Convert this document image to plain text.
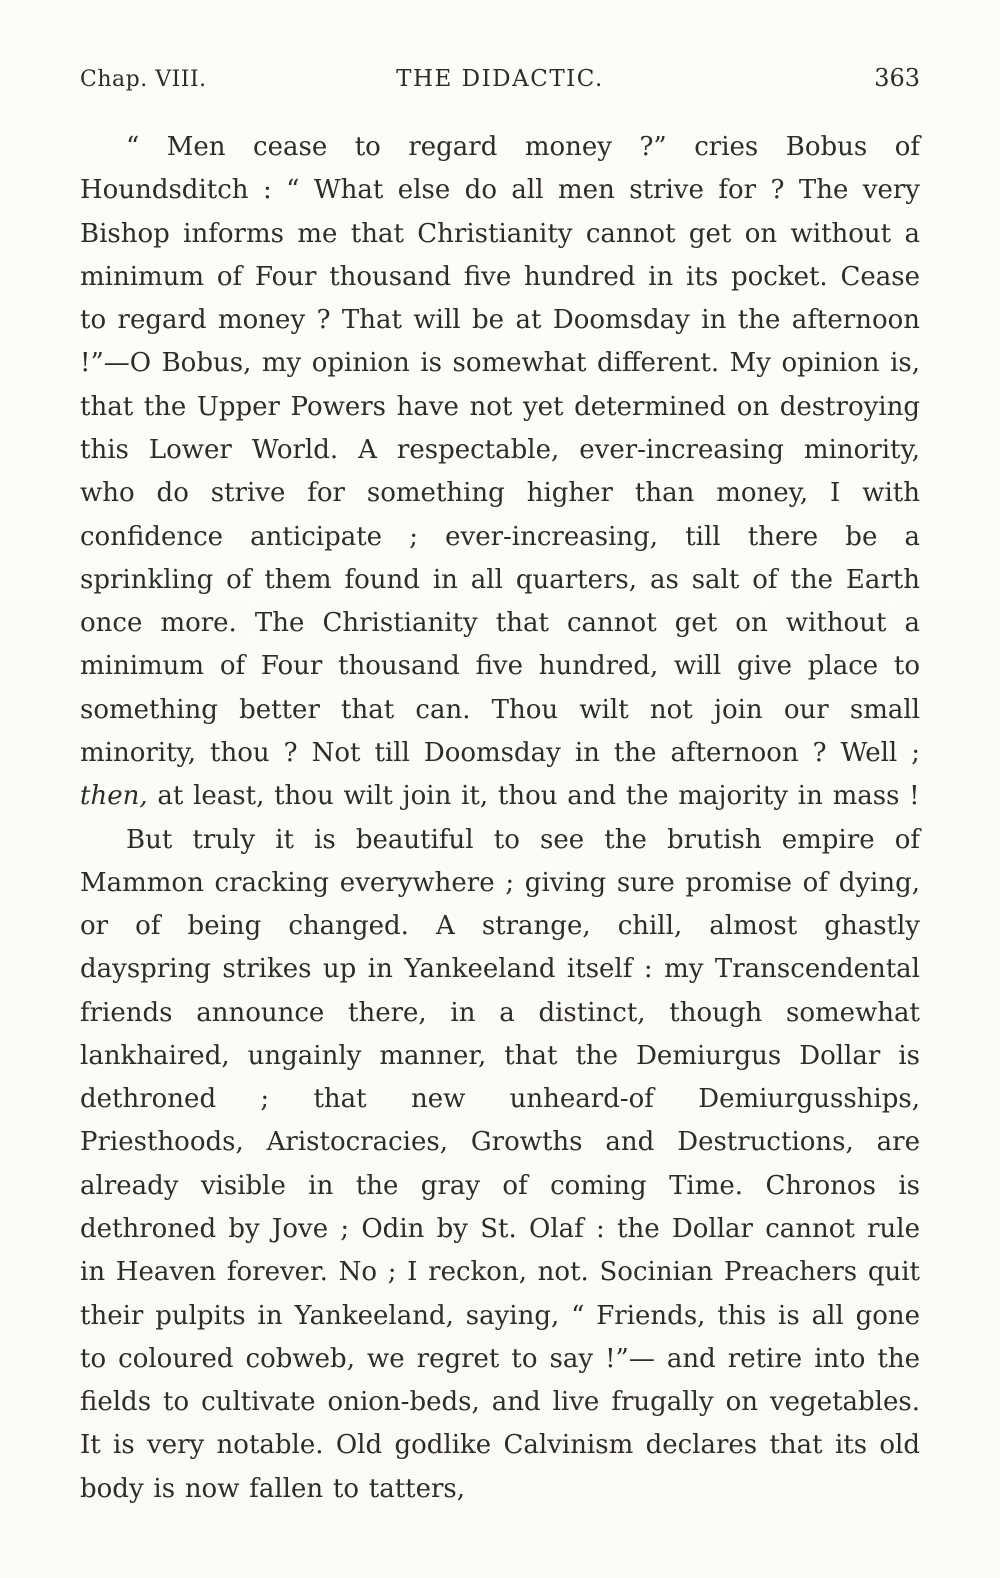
Chap. VIII.	THE DIDACTIC.	363

“ Men cease to regard money ?” cries Bobus of Houndsditch : “ What else do all men strive for ? The very Bishop informs me that Christianity cannot get on without a minimum of Four thousand five hundred in its pocket. Cease to regard money ? That will be at Doomsday in the afternoon !”—O Bobus, my opinion is somewhat different. My opinion is, that the Upper Powers have not yet determined on destroying this Lower World. A respectable, ever-increasing minority, who do strive for something higher than money, I with confidence anticipate ; ever-increasing, till there be a sprinkling of them found in all quarters, as salt of the Earth once more. The Christianity that cannot get on without a minimum of Four thousand five hundred, will give place to something better that can. Thou wilt not join our small minority, thou ? Not till Doomsday in the afternoon ? Well ; then, at least, thou wilt join it, thou and the majority in mass !

But truly it is beautiful to see the brutish empire of Mammon cracking everywhere ; giving sure promise of dying, or of being changed. A strange, chill, almost ghastly dayspring strikes up in Yankeeland itself : my Transcendental friends announce there, in a distinct, though somewhat lankhaired, ungainly manner, that the Demiurgus Dollar is dethroned ; that new unheard-of Demiurgusships, Priesthoods, Aristocracies, Growths and Destructions, are already visible in the gray of coming Time. Chronos is dethroned by Jove ; Odin by St. Olaf : the Dollar cannot rule in Heaven forever. No ; I reckon, not. Socinian Preachers quit their pulpits in Yankeeland, saying, “ Friends, this is all gone to coloured cobweb, we regret to say !”— and retire into the fields to cultivate onion-beds, and live frugally on vegetables. It is very notable. Old godlike Calvinism declares that its old body is now fallen to tatters,
